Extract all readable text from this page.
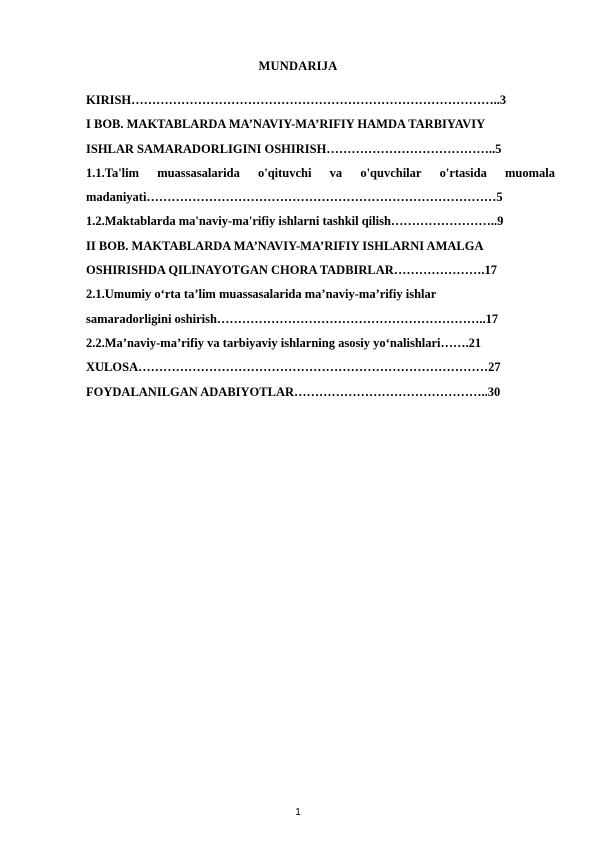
MUNDARIJA
KIRISH……………………………………………………………………………..3
I BOB. MAKTABLARDA MA’NAVIY-MA’RIFIY HAMDA TARBIYAVIY
ISHLAR SAMARADORLIGINI OSHIRISH…………………………………..5
1.1.Ta'lim muassasalarida o'qituvchi va o'quvchilar o'rtasida muomala
madaniyati…………………………………………………………………………5
1.2.Maktablarda ma'naviy-ma'rifiy ishlarni tashkil qilish……………………..9
II BOB. MAKTABLARDA MA’NAVIY-MA’RIFIY ISHLARNI AMALGA
OSHIRISHDA QILINAYOTGAN CHORA TADBIRLAR………………….17
2.1.Umumiy o‘rta ta’lim muassasalarida ma’naviy-ma’rifiy ishlar
samaradorligini oshirish………………………………………………………..17
2.2.Ma’naviy-ma’rifiy va tarbiyaviy ishlarning asosiy yo‘nalishlari…….21
XULOSA…………………………………………………………………………27
FOYDALANILGAN ADABIYOTLAR………………………………………..30
1
